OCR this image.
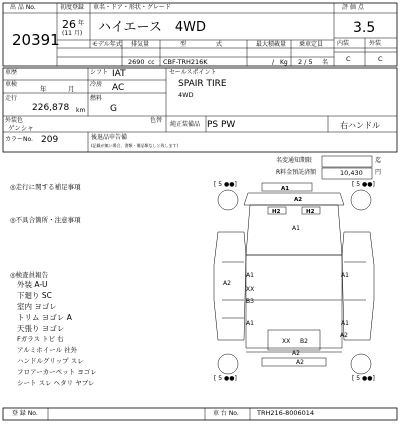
出 品 No.
20391
初度登録
26 年
(11 月)
車名・ドア・形状・グレード
ハイエース　4WD
評 価 点
3.5
内装	外装
C	C
モデル年式 排気量	型　　　　　式	最大積載量 乗車定員
2690 cc CBF-TRH216K	/ Kg 2 / 5 名
車歴	シフト IAT	セールスポイント
SPAIR TIRE
4WD
車検
年	月
冷房 AC
走行
226,878 km
燃料
G
外装色
ゲンシャ
色替
純正装備品 PS PW	右ハンドル
カラーNo. 209	後退品申告備
(記載が無い場合、書類・備品類なしと致します)
名変通知期限	迄
R料金預託済額	10,430 円
◎走行に関する補足事項
◎不具合箇所・注意事項
◎検査員報告
外装 A-U
下廻り SC
室内 ヨゴレ
トリム ヨゴレ A
天張り ヨゴレ
Fガラス トビ 右
アルミホイール 社外
ハンドルグリップ スレ
フロアーカーペット ヨゴレ
シート スレ ヘタリ ヤブレ
[ 5 ●●]	[ 5 ●●]
[ 5 ●●]	[ 5 ●●]
A1
A2
H2	H2
A1
A2
A1
XX
B3
A1
A1
A1
A2
XX B2
A2
A2
登 録 No.	車 台 No.	TRH216-8006014
